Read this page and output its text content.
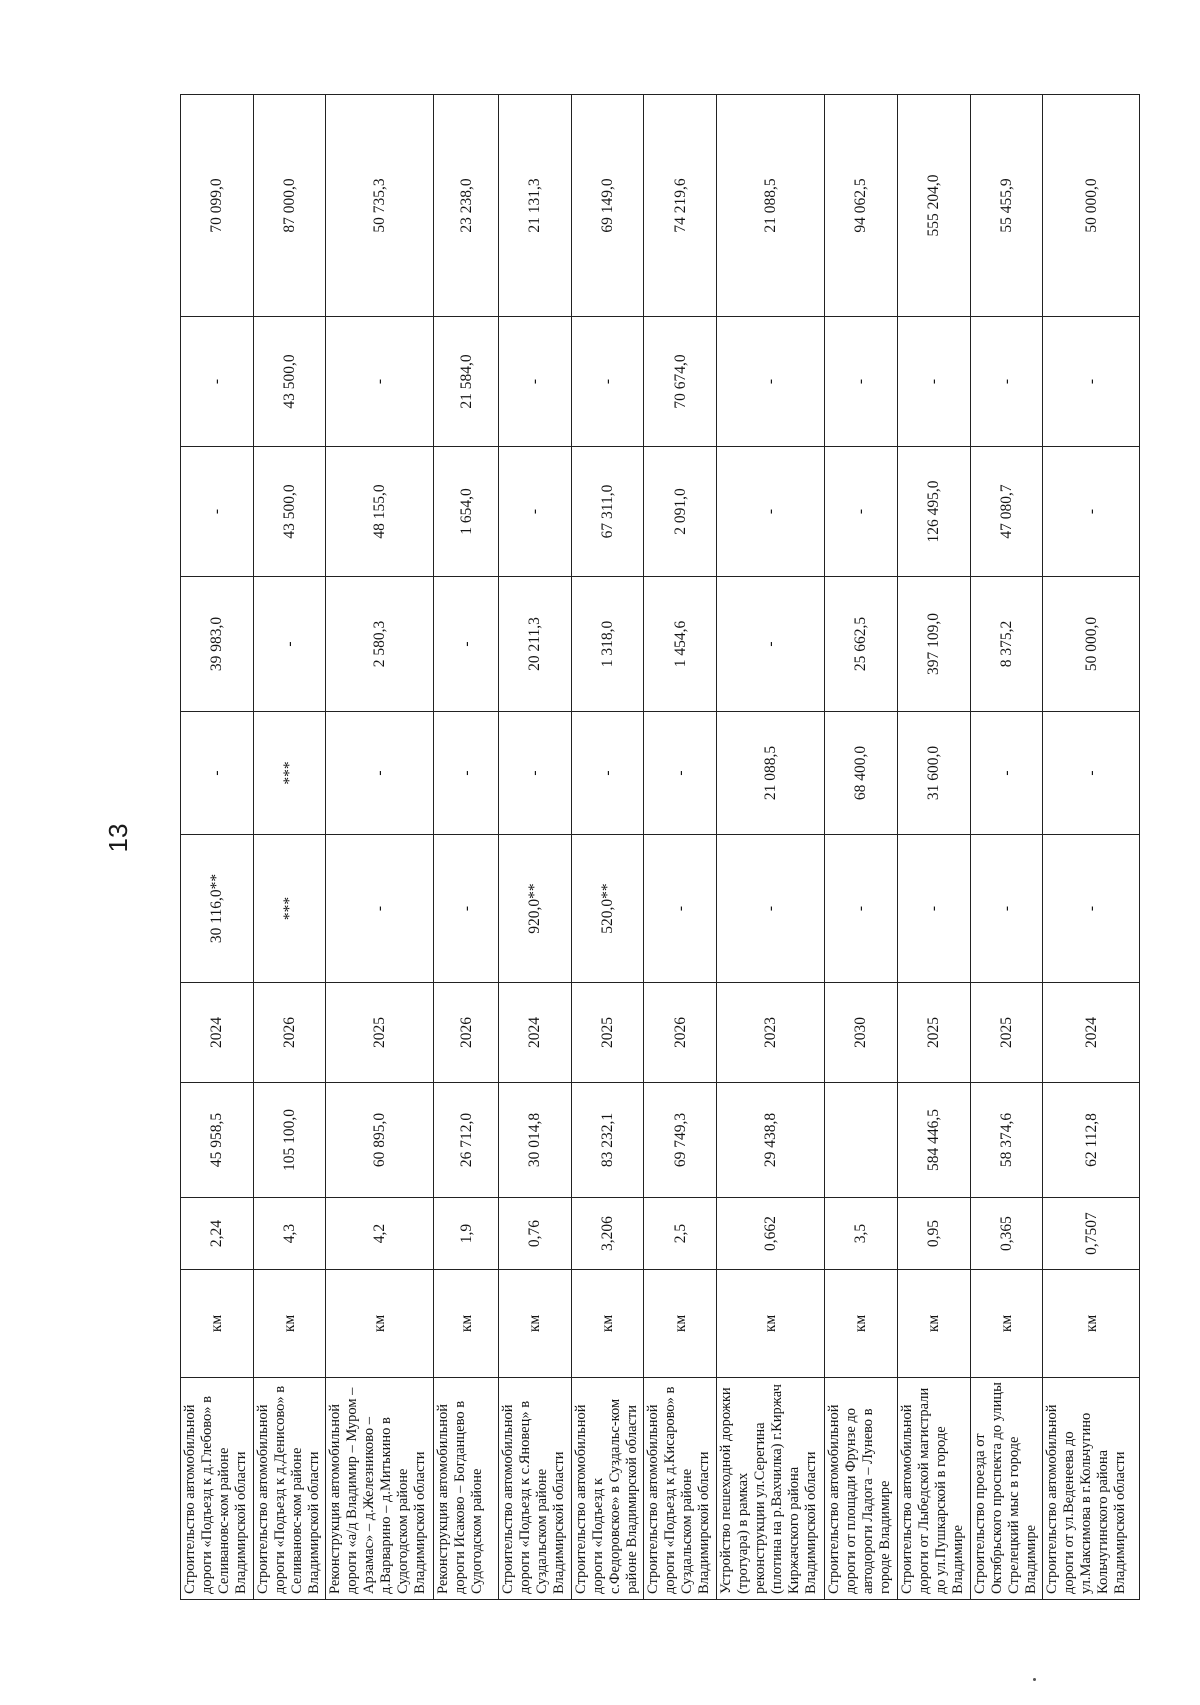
13
Строительство автомобильной дороги «Подъезд к д.Глебово» в Селивановс-ком районе Владимирской области	км	2,24	45 958,5	2024	30 116,0**	-	39 983,0	-	-	70 099,0
Строительство автомобильной дороги «Подъезд к д.Денисово» в Селивановс-ком районе Владимирской области	км	4,3	105 100,0	2026	***	***	-	43 500,0	43 500,0	87 000,0
Реконструкция автомобильной дороги «а/д Владимир – Муром – Арзамас» – д.Железниково – д.Варварино – д.Митькино в Судогодском районе Владимирской области	км	4,2	60 895,0	2025	-	-	2 580,3	48 155,0	-	50 735,3
Реконструкция автомобильной дороги Исаково – Богданцево в Судогодском районе	км	1,9	26 712,0	2026	-	-	-	1 654,0	21 584,0	23 238,0
Строительство автомобильной дороги «Подъезд к с.Яновец» в Суздальском районе Владимирской области	км	0,76	30 014,8	2024	920,0**	-	20 211,3	-	-	21 131,3
Строительство автомобильной дороги «Подъезд к с.Федоровское» в Суздальс-ком районе Владимирской области	км	3,206	83 232,1	2025	520,0**	-	1 318,0	67 311,0	-	69 149,0
Строительство автомобильной дороги «Подъезд к д.Кисарово» в Суздальском районе Владимирской области	км	2,5	69 749,3	2026	-	-	1 454,6	2 091,0	70 674,0	74 219,6
Устройство пешеходной дорожки (тротуара) в рамках реконструкции ул.Серегина (плотина на р.Вахчилка) г.Киржач Киржачского района Владимирской области	км	0,662	29 438,8	2023	-	21 088,5	-	-	-	21 088,5
Строительство автомобильной дороги от площади Фрунзе до автодороги Ладога – Лунево в городе Владимире	км	3,5		2030	-	68 400,0	25 662,5	-	-	94 062,5
Строительство автомобильной дороги от Лыбедской магистрали до ул.Пушкарской в городе Владимире	км	0,95	584 446,5	2025	-	31 600,0	397 109,0	126 495,0	-	555 204,0
Строительство проезда от Октябрьского проспекта до улицы Стрелецкий мыс в городе Владимире	км	0,365	58 374,6	2025	-	-	8 375,2	47 080,7	-	55 455,9
Строительство автомобильной дороги от ул.Веденеева до ул.Максимова в г.Кольчугино Кольчугинского района Владимирской области	км	0,7507	62 112,8	2024	-	-	50 000,0	-	-	50 000,0
